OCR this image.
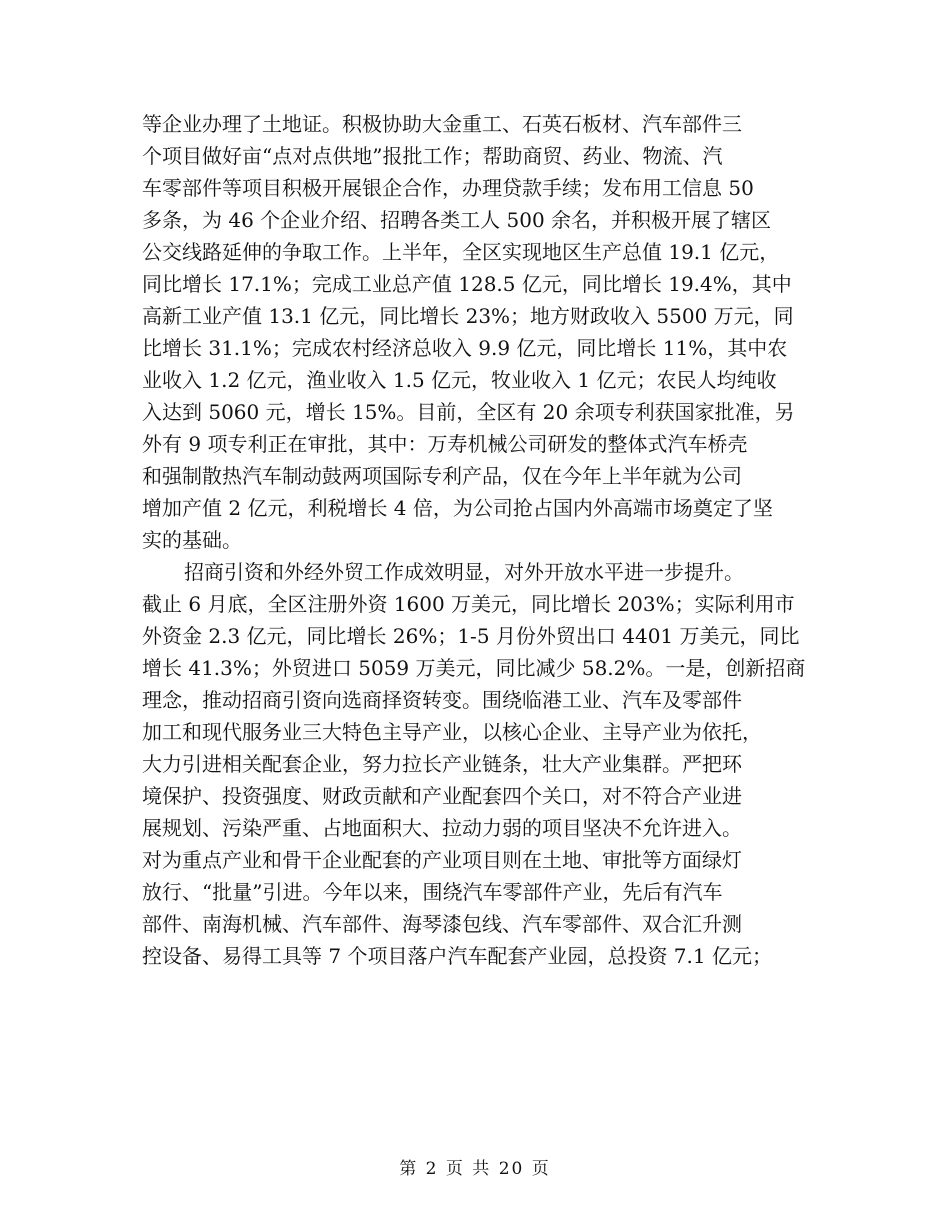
等企业办理了土地证。积极协助大金重工、石英石板材、汽车部件三
个项目做好亩“点对点供地”报批工作；帮助商贸、药业、物流、汽
车零部件等项目积极开展银企合作，办理贷款手续；发布用工信息 50
多条，为 46 个企业介绍、招聘各类工人 500 余名，并积极开展了辖区
公交线路延伸的争取工作。上半年，全区实现地区生产总值 19.1 亿元，
同比增长 17.1%；完成工业总产值 128.5 亿元，同比增长 19.4%，其中
高新工业产值 13.1 亿元，同比增长 23%；地方财政收入 5500 万元，同
比增长 31.1%；完成农村经济总收入 9.9 亿元，同比增长 11%，其中农
业收入 1.2 亿元，渔业收入 1.5 亿元，牧业收入 1 亿元；农民人均纯收
入达到 5060 元，增长 15%。目前，全区有 20 余项专利获国家批准，另
外有 9 项专利正在审批，其中：万寿机械公司研发的整体式汽车桥壳
和强制散热汽车制动鼓两项国际专利产品，仅在今年上半年就为公司
增加产值 2 亿元，利税增长 4 倍，为公司抢占国内外高端市场奠定了坚
实的基础。
招商引资和外经外贸工作成效明显，对外开放水平进一步提升。
截止 6 月底，全区注册外资 1600 万美元，同比增长 203%；实际利用市
外资金 2.3 亿元，同比增长 26%；1-5 月份外贸出口 4401 万美元，同比
增长 41.3%；外贸进口 5059 万美元，同比减少 58.2%。一是，创新招商
理念，推动招商引资向选商择资转变。围绕临港工业、汽车及零部件
加工和现代服务业三大特色主导产业，以核心企业、主导产业为依托，
大力引进相关配套企业，努力拉长产业链条，壮大产业集群。严把环
境保护、投资强度、财政贡献和产业配套四个关口，对不符合产业进
展规划、污染严重、占地面积大、拉动力弱的项目坚决不允许进入。
对为重点产业和骨干企业配套的产业项目则在土地、审批等方面绿灯
放行、“批量”引进。今年以来，围绕汽车零部件产业，先后有汽车
部件、南海机械、汽车部件、海琴漆包线、汽车零部件、双合汇升测
控设备、易得工具等 7 个项目落户汽车配套产业园，总投资 7.1 亿元；
第 2 页 共 20 页
